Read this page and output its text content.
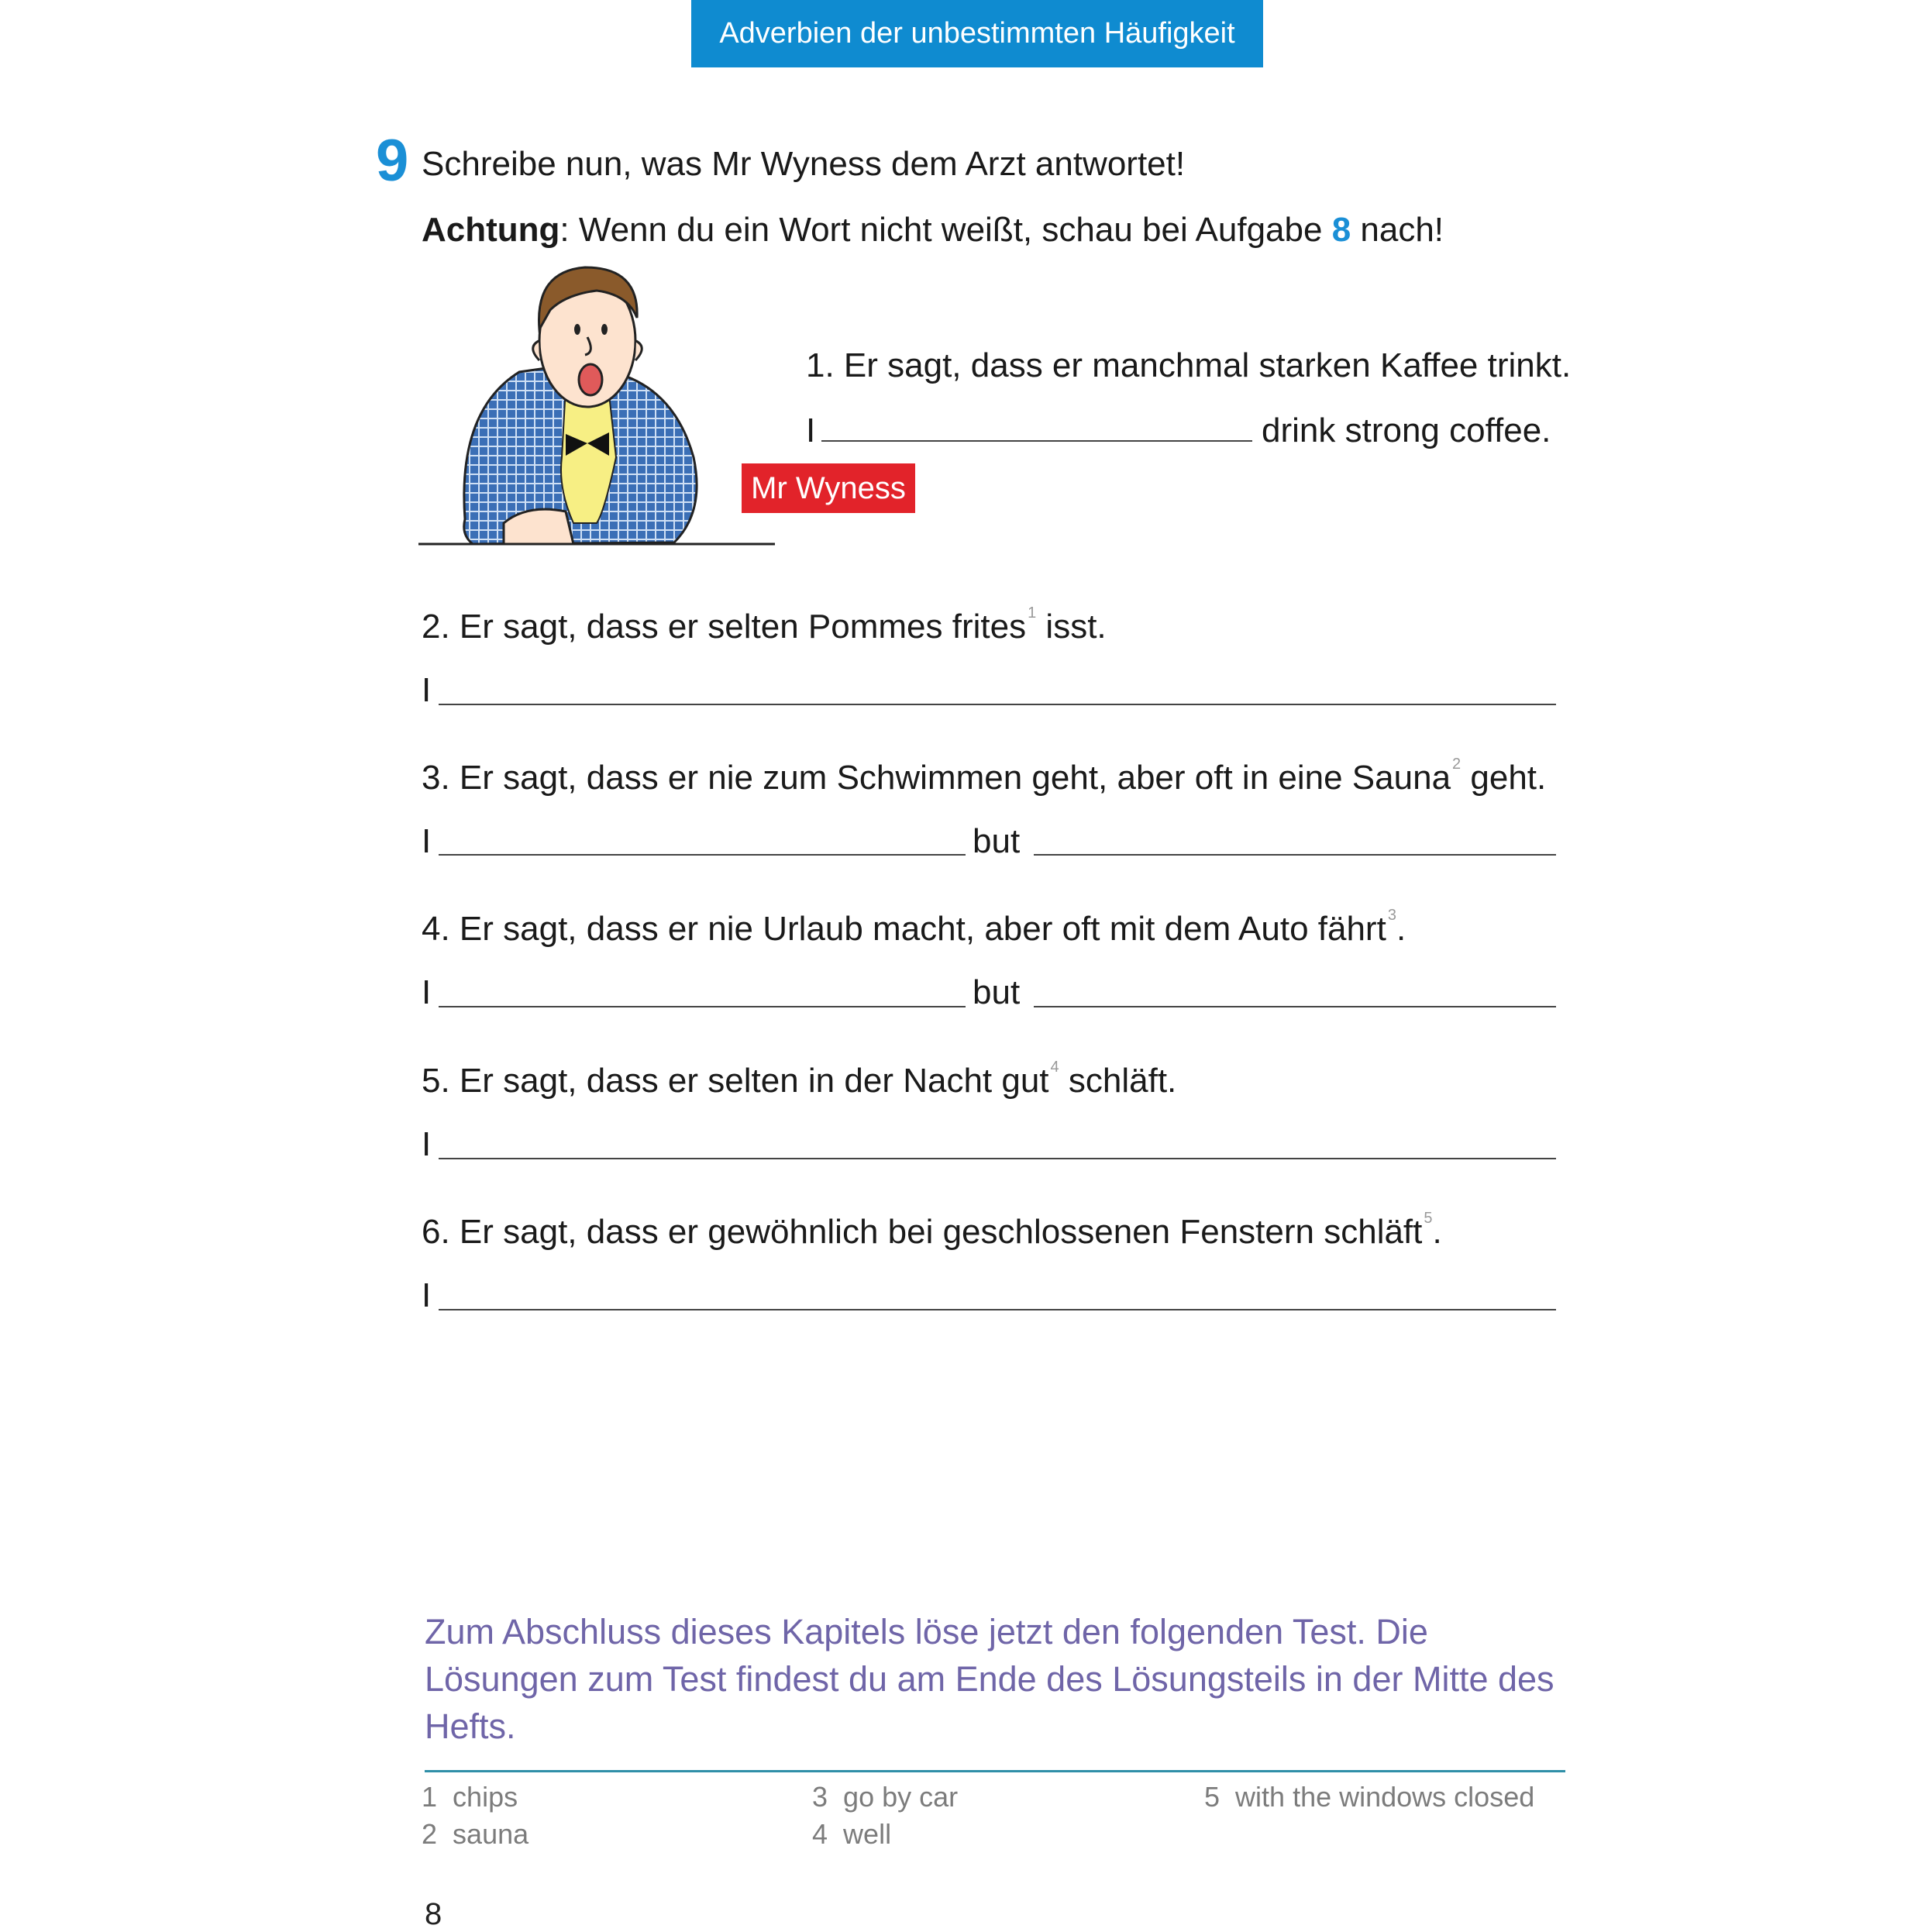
Adverbien der unbestimmten Häufigkeit
9 Schreibe nun, was Mr Wyness dem Arzt antwortet!
Achtung: Wenn du ein Wort nicht weißt, schau bei Aufgabe 8 nach!
Mr Wyness
1. Er sagt, dass er manchmal starken Kaffee trinkt.
I	drink strong coffee.
2. Er sagt, dass er selten Pommes frites $^1$ isst.
I
3. Er sagt, dass er nie zum Schwimmen geht, aber oft in eine Sauna $^2$ geht.
I	but
4. Er sagt, dass er nie Urlaub macht, aber oft mit dem Auto fährt $^3$.
I	but
5. Er sagt, dass er selten in der Nacht gut $^4$ schläft.
I
6. Er sagt, dass er gewöhnlich bei geschlossenen Fenstern schläft $^5$.
I
Zum Abschluss dieses Kapitels löse jetzt den folgenden Test. Die Lösungen zum Test findest du am Ende des Lösungsteils in der Mitte des Hefts.
1 chips
2 sauna
3 go by car
4 well
5 with the windows closed
8
